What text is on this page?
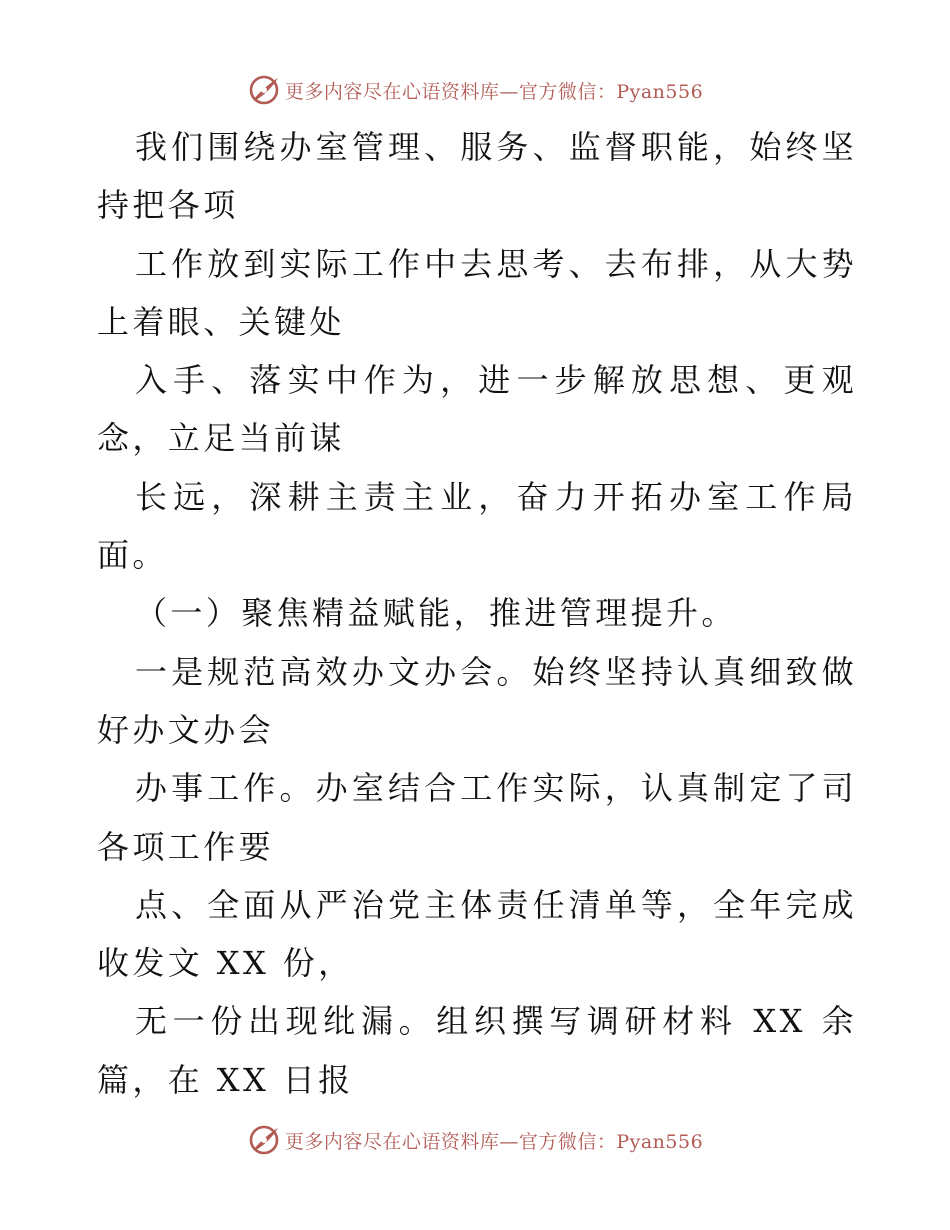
更多内容尽在心语资料库—官方微信：Pyan556

我们围绕办室管理、服务、监督职能，始终坚持把各项

工作放到实际工作中去思考、去布排，从大势上着眼、关键处

入手、落实中作为，进一步解放思想、更观念，立足当前谋

长远，深耕主责主业，奋力开拓办室工作局面。

（一）聚焦精益赋能，推进管理提升。

一是规范高效办文办会。始终坚持认真细致做好办文办会

办事工作。办室结合工作实际，认真制定了司各项工作要

点、全面从严治党主体责任清单等，全年完成收发文 XX 份，

无一份出现纰漏。组织撰写调研材料 XX 余篇，在 XX 日报

更多内容尽在心语资料库—官方微信：Pyan556
